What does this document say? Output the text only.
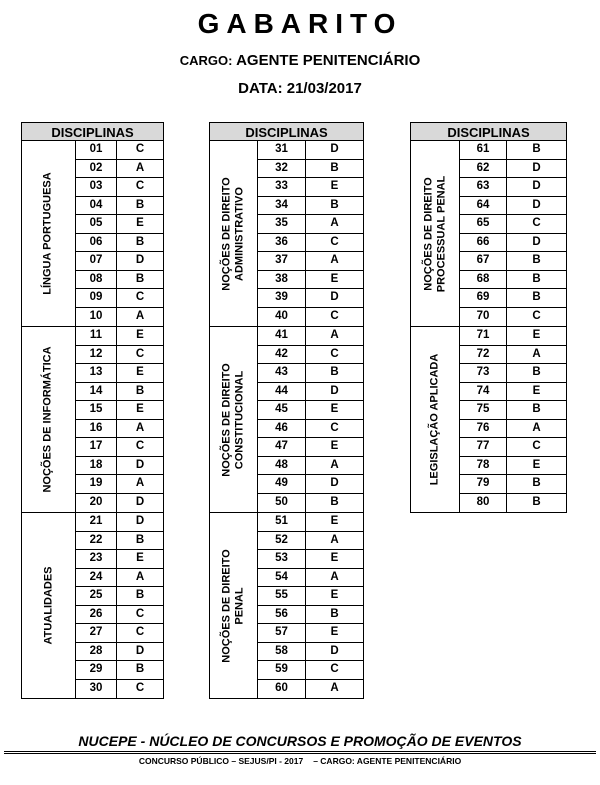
GABARITO
CARGO: AGENTE PENITENCIÁRIO
DATA: 21/03/2017
DISCIPLINAS
LÍNGUA PORTUGUESA
01	C
02	A
03	C
04	B
05	E
06	B
07	D
08	B
09	C
10	A
NOÇÕES DE INFORMÁTICA
11	E
12	C
13	E
14	B
15	E
16	A
17	C
18	D
19	A
20	D
ATUALIDADES
21	D
22	B
23	E
24	A
25	B
26	C
27	C
28	D
29	B
30	C
DISCIPLINAS
NOÇÕES DE DIREITO ADMINISTRATIVO
31	D
32	B
33	E
34	B
35	A
36	C
37	A
38	E
39	D
40	C
NOÇÕES DE DIREITO CONSTITUCIONAL
41	A
42	C
43	B
44	D
45	E
46	C
47	E
48	A
49	D
50	B
NOÇÕES DE DIREITO PENAL
51	E
52	A
53	E
54	A
55	E
56	B
57	E
58	D
59	C
60	A
DISCIPLINAS
NOÇÕES DE DIREITO PROCESSUAL PENAL
61	B
62	D
63	D
64	D
65	C
66	D
67	B
68	B
69	B
70	C
LEGISLAÇÃO APLICADA
71	E
72	A
73	B
74	E
75	B
76	A
77	C
78	E
79	B
80	B
NUCEPE - NÚCLEO DE CONCURSOS E PROMOÇÃO DE EVENTOS
CONCURSO PÚBLICO – SEJUS/PI - 2017 – CARGO: AGENTE PENITENCIÁRIO
